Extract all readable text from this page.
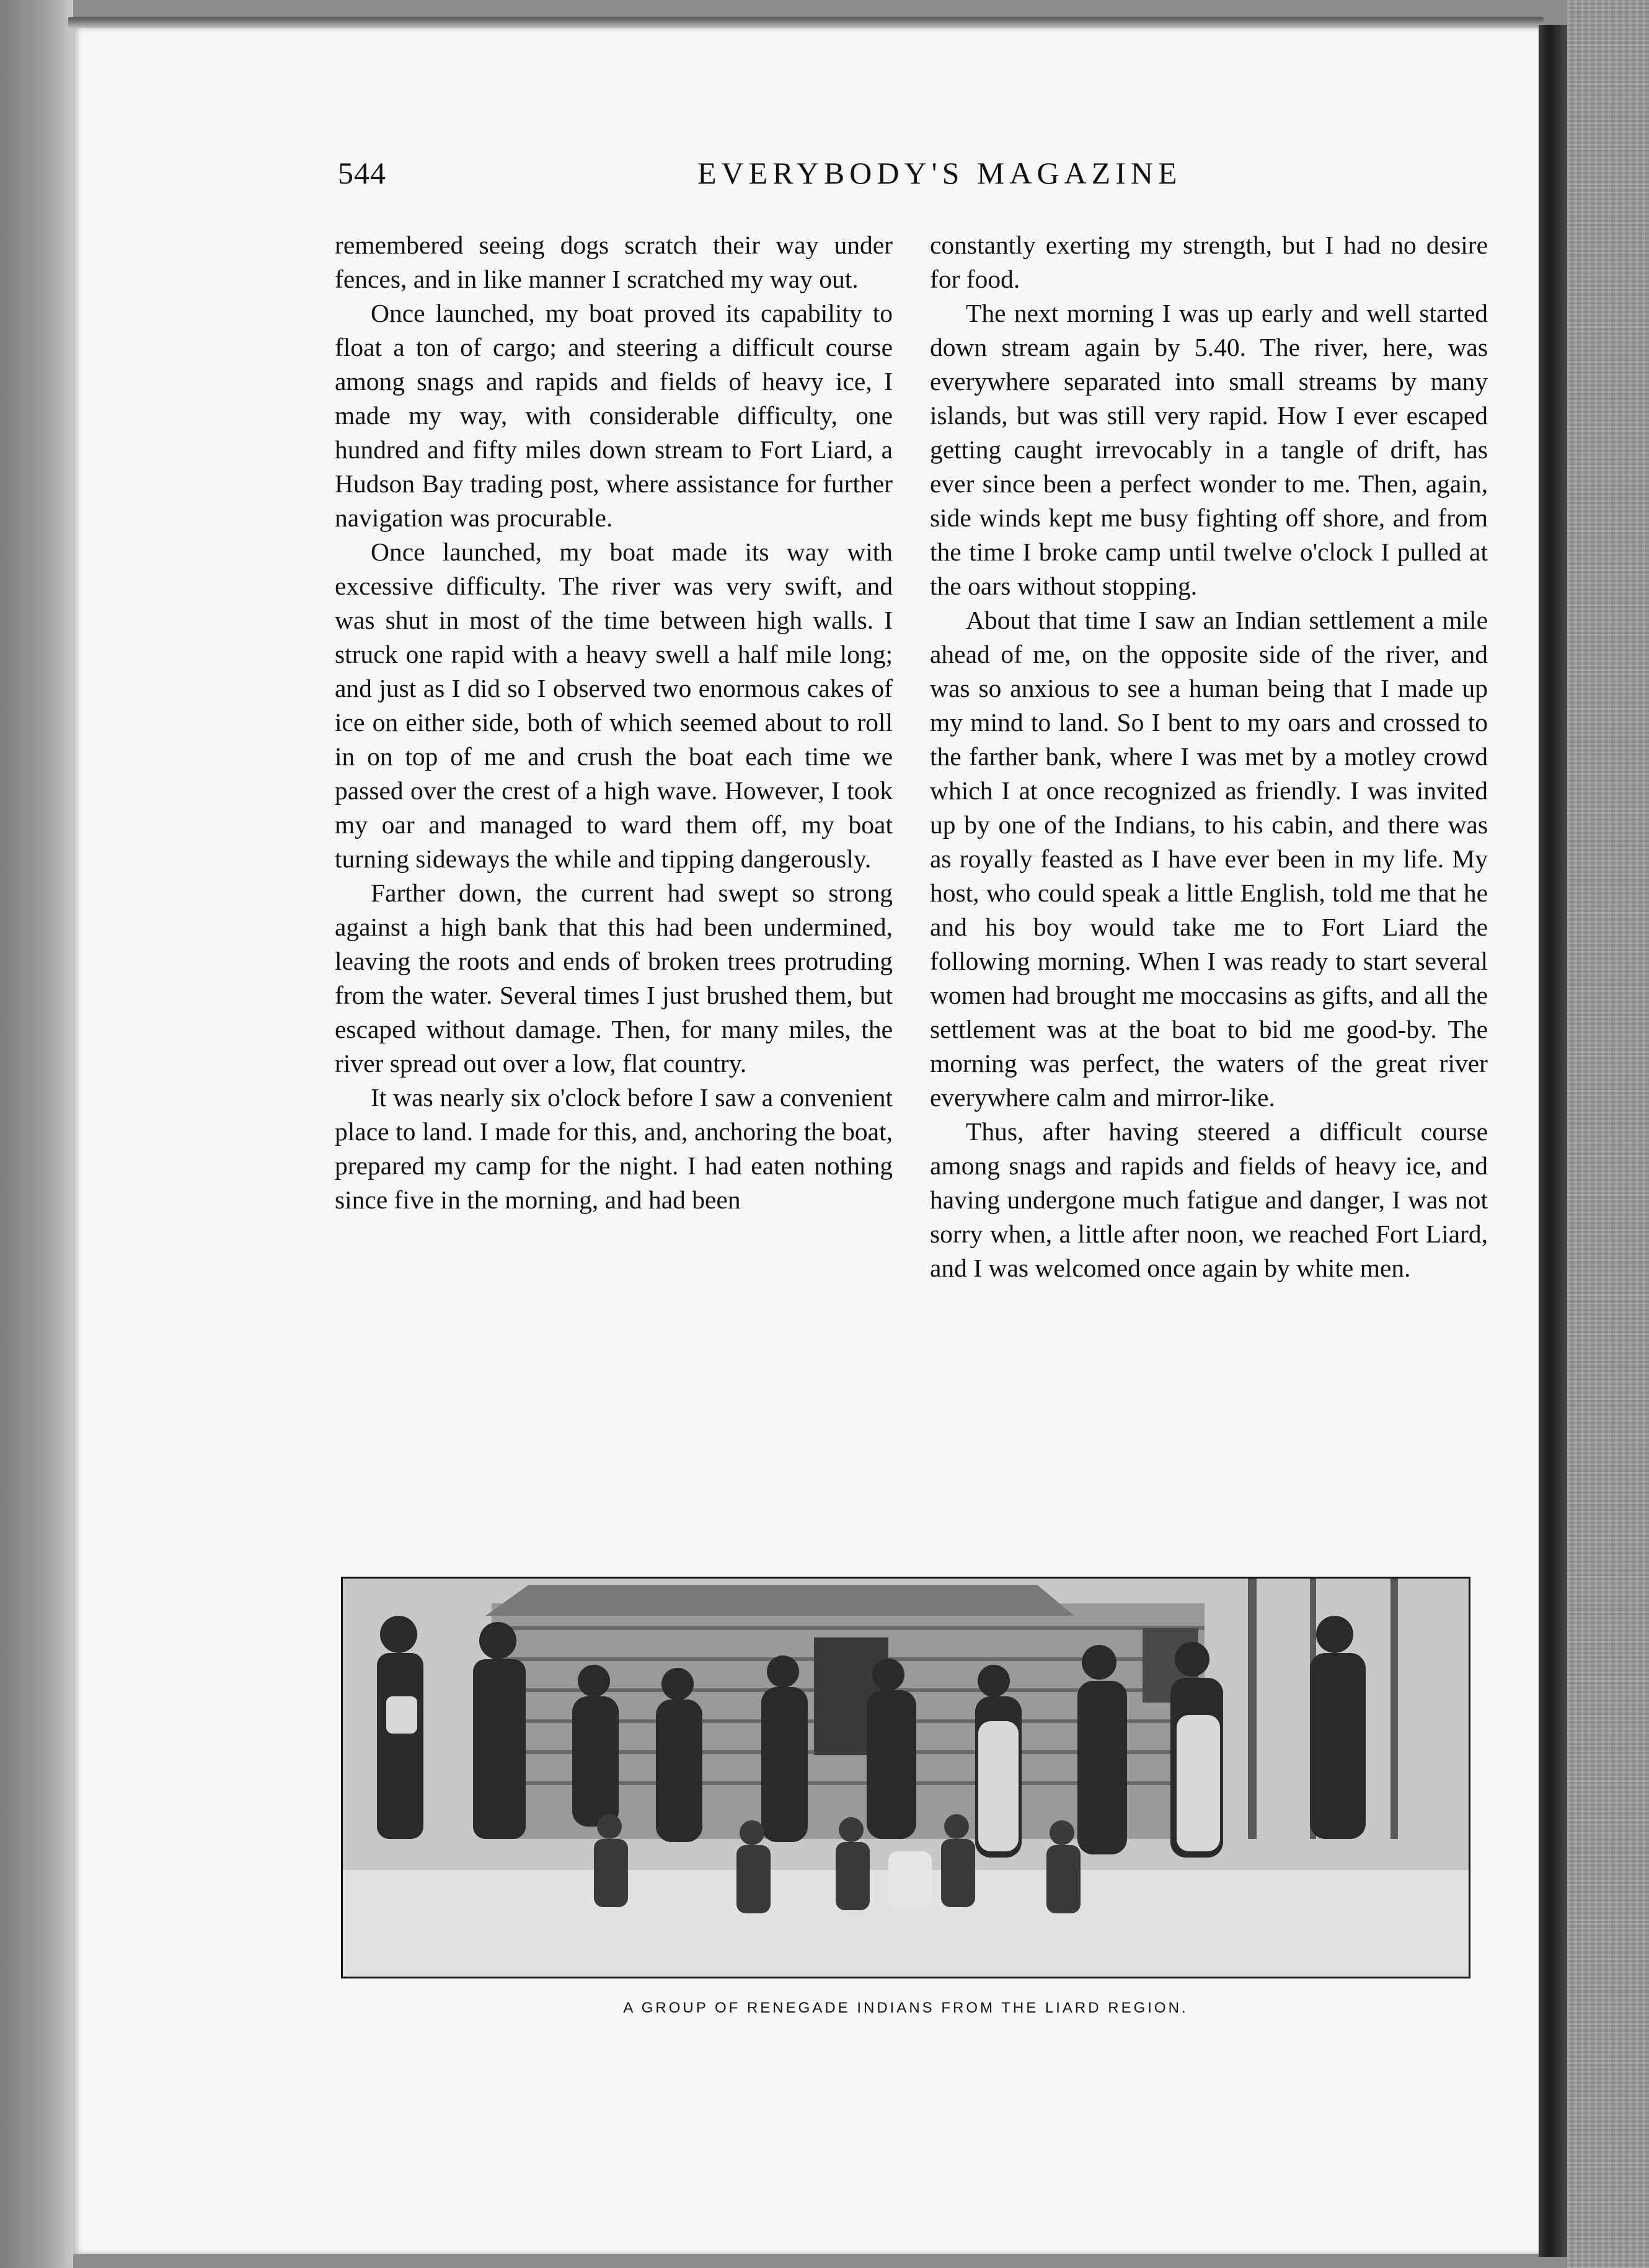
544	EVERYBODY'S MAGAZINE

remembered seeing dogs scratch their way under fences, and in like manner I scratched my way out.

Once launched, my boat proved its capability to float a ton of cargo; and steering a difficult course among snags and rapids and fields of heavy ice, I made my way, with considerable difficulty, one hundred and fifty miles down stream to Fort Liard, a Hudson Bay trading post, where assistance for further navigation was procurable.

Once launched, my boat made its way with excessive difficulty. The river was very swift, and was shut in most of the time between high walls. I struck one rapid with a heavy swell a half mile long; and just as I did so I observed two enormous cakes of ice on either side, both of which seemed about to roll in on top of me and crush the boat each time we passed over the crest of a high wave. However, I took my oar and managed to ward them off, my boat turning sideways the while and tipping dangerously.

Farther down, the current had swept so strong against a high bank that this had been undermined, leaving the roots and ends of broken trees protruding from the water. Several times I just brushed them, but escaped without damage. Then, for many miles, the river spread out over a low, flat country.

It was nearly six o'clock before I saw a convenient place to land. I made for this, and, anchoring the boat, prepared my camp for the night. I had eaten nothing since five in the morning, and had been

constantly exerting my strength, but I had no desire for food.

The next morning I was up early and well started down stream again by 5.40. The river, here, was everywhere separated into small streams by many islands, but was still very rapid. How I ever escaped getting caught irrevocably in a tangle of drift, has ever since been a perfect wonder to me. Then, again, side winds kept me busy fighting off shore, and from the time I broke camp until twelve o'clock I pulled at the oars without stopping.

About that time I saw an Indian settlement a mile ahead of me, on the opposite side of the river, and was so anxious to see a human being that I made up my mind to land. So I bent to my oars and crossed to the farther bank, where I was met by a motley crowd which I at once recognized as friendly. I was invited up by one of the Indians, to his cabin, and there was as royally feasted as I have ever been in my life. My host, who could speak a little English, told me that he and his boy would take me to Fort Liard the following morning. When I was ready to start several women had brought me moccasins as gifts, and all the settlement was at the boat to bid me good-by. The morning was perfect, the waters of the great river everywhere calm and mirror-like.

Thus, after having steered a difficult course among snags and rapids and fields of heavy ice, and having undergone much fatigue and danger, I was not sorry when, a little after noon, we reached Fort Liard, and I was welcomed once again by white men.

A GROUP OF RENEGADE INDIANS FROM THE LIARD REGION.
